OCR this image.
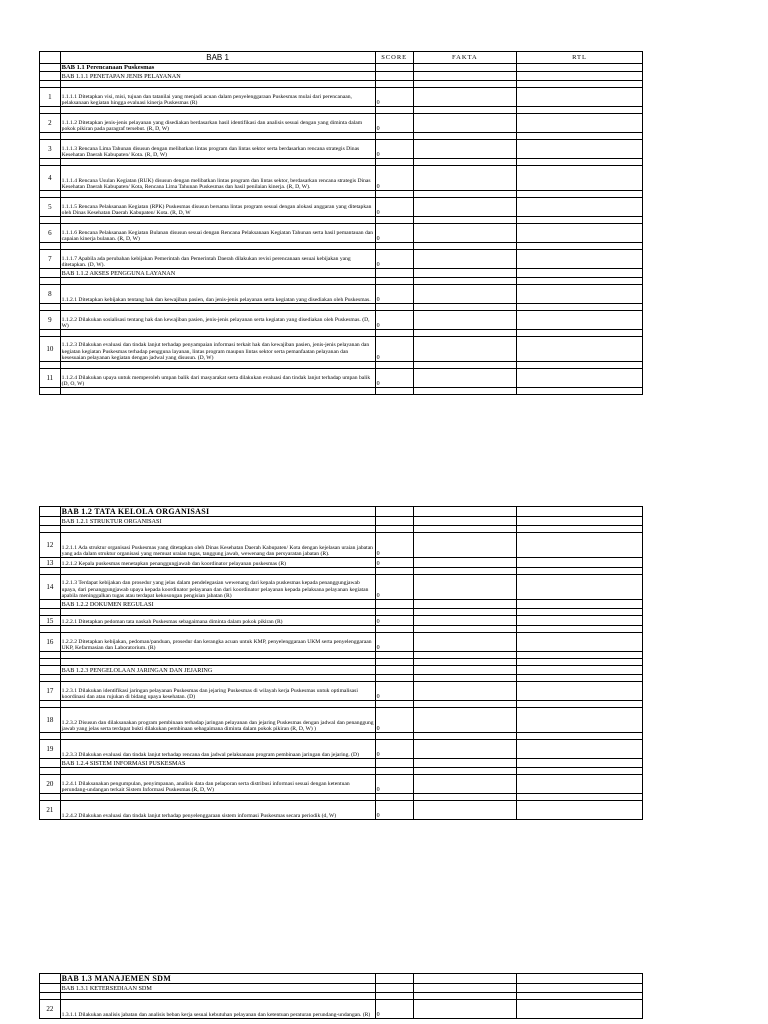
	BAB 1	SCORE	FAKTA	RTL
	BAB 1.1 Perencanaan Puskesmas			
	BAB 1.1.1 PENETAPAN JENIS PELAYANAN			

1	1.1.1.1 Ditetapkan visi, misi, tujuan dan tatanilai yang menjadi acuan dalam penyelenggaraan Puskesmas mulai dari perencanaan, pelaksanaan kegiatan hingga evaluasi kinerja Puskesmas (R)	0		

2	1.1.1.2 Ditetapkan jenis-jenis pelayanan yang disediakan berdasarkan hasil identifikasi dan analisis sesuai dengan yang diminta dalam pokok pikiran pada paragraf tersebut. (R, D, W)	0		

3	1.1.1.3 Rencana Lima Tahunan disusun dengan melibatkan lintas program dan lintas sektor serta berdasarkan rencana strategis Dinas Kesehatan Daerah Kabupaten/ Kota. (R, D, W)	0		

4	1.1.1.4 Rencana Usulan Kegiatan (RUK) disusun dengan melibatkan lintas program dan lintas sektor, berdasarkan rencana strategis Dinas Kesehatan Daerah Kabupaten/ Kota, Rencana Lima Tahunan Puskesmas dan hasil penilaian kinerja. (R, D, W).	0		

5	1.1.1.5 Rencana Pelaksanaan Kegiatan (RPK) Puskesmas disusun bersama lintas program sesuai dengan alokasi anggaran yang ditetapkan oleh Dinas Kesehatan Daerah Kabupaten/ Kota. (R, D, W	0		

6	1.1.1.6 Rencana Pelaksanaan Kegiatan Bulanan disusun sesuai dengan Rencana Pelaksanaan Kegiatan Tahunan serta hasil pemantauan dan capaian kinerja bulanan. (R, D, W)	0		

7	1.1.1.7 Apabila ada perubahan kebijakan Pemerintah dan Pemerintah Daerah dilakukan revisi perencanaan sesuai kebijakan yang ditetapkan. (D, W).	0		
	BAB 1.1.2 AKSES PENGGUNA LAYANAN			

8	1.1.2.1 Ditetapkan kebijakan tentang hak dan kewajiban pasien, dan jenis-jenis pelayanan serta kegiatan yang disediakan oleh Puskesmas.	0		

9	1.1.2.2 Dilakukan sosialisasi tentang hak dan kewajiban pasien, jenis-jenis pelayanan serta kegiatan yang disediakan oleh Puskesmas. (D, W)	0		

10	1.1.2.3 Dilakukan evaluasi dan tindak lanjut terhadap penyampaian informasi terkait hak dan kewajiban pasien, jenis-jenis pelayanan dan kegiatan kegiatan Puskesmas terhadap pengguna layanan, lintas program maupun lintas sektor serta pemanfaatan pelayanan dan kesesuaian pelayanan kegiatan dengan jadwal yang disusun. (D, W)	0		

11	1.1.2.4 Dilakukan upaya untuk memperoleh umpan balik dari masyarakat serta dilakukan evaluasi dan tindak lanjut terhadap umpan balik (D, O, W)	0		

	BAB 1.2 TATA KELOLA ORGANISASI			
	BAB 1.2.1 STRUKTUR ORGANISASI			

12	1.2.1.1 Ada struktur organisasi Puskesmas yang ditetapkan oleh Dinas Kesehatan Daerah Kabupaten/ Kota dengan kejelasan uraian jabatan yang ada dalam struktur organisasi yang memuat uraian tugas, tanggung jawab, wewenang dan persyaratan jabatan (R).	0		
13	1.2.1.2 Kepala puskesmas menetapkan penanggungjawab dan koordinator pelayanan puskesmas (R)	0		

14	1.2.1.3 Terdapat kebijakan dan prosedur yang jelas dalam pendelegasian wewenang dari kepala puskesmas kepada penanggungjawab upaya, dari penanggungjawab upaya kepada koordinator pelayanan dan dari koordinator pelayanan kepada pelaksana pelayanan kegiatan apabila meninggalkan tugas atau terdapat kekosongan pengisian jabatan (R)	0		
	BAB 1.2.2 DOKUMEN REGULASI			

15	1.2.2.1 Ditetapkan pedoman tata naskah Puskesmas sebagaimana diminta dalam pokok pikiran (R)	0		

16	1.2.2.2 Ditetapkan kebijakan, pedoman/panduan, prosedur dan kerangka acuan untuk KMP, penyelenggaraan UKM serta penyelenggaraan UKP, Kefarmasian dan Laboratorium. (R)	0		

	BAB 1.2.3 PENGELOLAAN JARINGAN DAN JEJARING			

17	1.2.3.1 Dilakukan identifikasi jaringan pelayanan Puskesmas dan jejaring Puskesmas di wilayah kerja Puskesmas untuk optimalisasi koordinasi dan atau rujukan di bidang upaya kesehatan. (D)	0		

18	1.2.3.2 Disusun dan dilaksanakan program pembinaan terhadap jaringan pelayanan dan jejaring Puskesmas dengan jadwal dan penanggung jawab yang jelas serta terdapat bukti dilakukan pembinaan sebagaimana diminta dalam pokok pikiran (R, D, W) )	0		

19	1.2.3.3 Dilakukan evaluasi dan tindak lanjut terhadap rencana dan jadwal pelaksanaan program pembinaan jaringan dan jejaring. (D)	0		
	BAB 1.2.4 SISTEM INFORMASI PUSKESMAS			

20	1.2.4.1 Dilaksanakan pengumpulan, penyimpanan, analisis data dan pelaporan serta distribusi informasi sesuai dengan ketentuan perundang-undangan terkait Sistem Informasi Puskesmas (R, D, W)	0		

21	1.2.4.2 Dilakukan evaluasi dan tindak lanjut terhadap penyelenggaraan sistem informasi Puskesmas secara periodik (d, W)	0		
	BAB 1.3 MANAJEMEN SDM			
	BAB 1.3.1 KETERSEDIAAN SDM			

22	1.3.1.1 Dilakukan analisis jabatan dan analisis beban kerja sesuai kebutuhan pelayanan dan ketentuan peraturan perundang-undangan. (R)	0		
